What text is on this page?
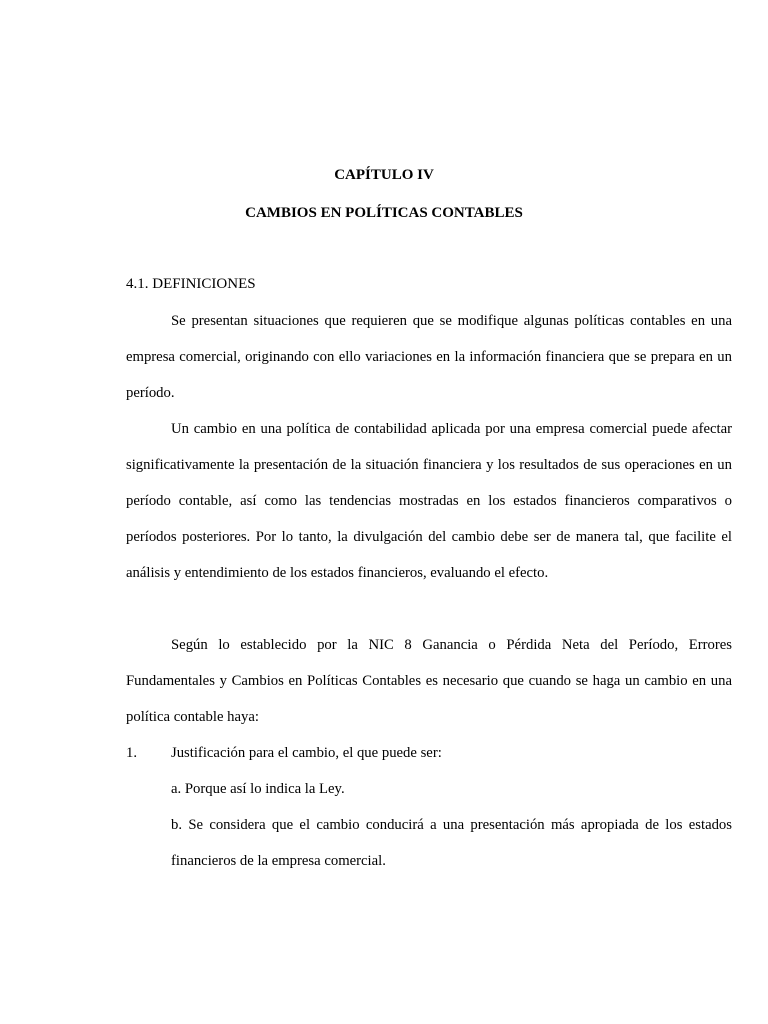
CAPÍTULO IV
CAMBIOS EN POLÍTICAS CONTABLES
4.1. DEFINICIONES

Se presentan situaciones que requieren que se modifique algunas políticas contables en una empresa comercial, originando con ello variaciones en la información financiera que se prepara en un período.

Un cambio en una política de contabilidad aplicada por una empresa comercial puede afectar significativamente la presentación de la situación financiera y los resultados de sus operaciones en un período contable, así como las tendencias mostradas en los estados financieros comparativos o períodos posteriores. Por lo tanto, la divulgación del cambio debe ser de manera tal, que facilite el análisis y entendimiento de los estados financieros, evaluando el efecto.

Según lo establecido por la NIC 8 Ganancia o Pérdida Neta del Período, Errores Fundamentales y Cambios en Políticas Contables es necesario que cuando se haga un cambio en una política contable haya:

1. Justificación para el cambio, el que puede ser:

a. Porque así lo indica la Ley.

b. Se considera que el cambio conducirá a una presentación más apropiada de los estados financieros de la empresa comercial.
